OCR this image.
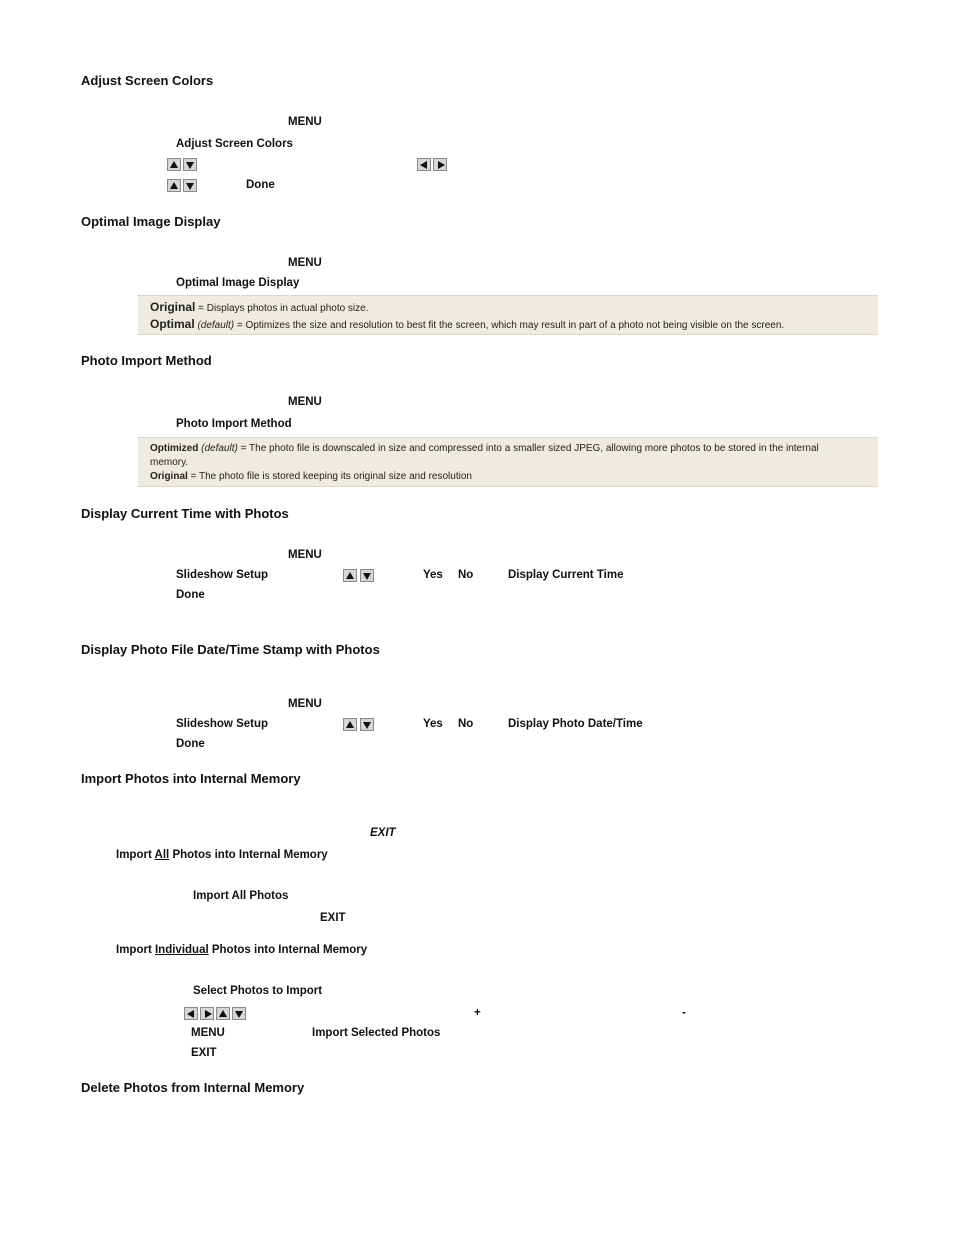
Adjust Screen Colors
MENU
Adjust Screen Colors
Done
Optimal Image Display
MENU
Optimal Image Display
Original = Displays photos in actual photo size.
Optimal (default) = Optimizes the size and resolution to best fit the screen, which may result in part of a photo not being visible on the screen.
Photo Import Method
MENU
Photo Import Method
Optimized (default) = The photo file is downscaled in size and compressed into a smaller sized JPEG, allowing more photos to be stored in the internal
memory.
Original = The photo file is stored keeping its original size and resolution
Display Current Time with Photos
MENU
Slideshow Setup	Yes No	Display Current Time
Done
Display Photo File Date/Time Stamp with Photos
MENU
Slideshow Setup	Yes No	Display Photo Date/Time
Done
Import Photos into Internal Memory
EXIT
Import All Photos into Internal Memory
Import All Photos
EXIT
Import Individual Photos into Internal Memory
Select Photos to Import
+	-
MENU	Import Selected Photos
EXIT
Delete Photos from Internal Memory
